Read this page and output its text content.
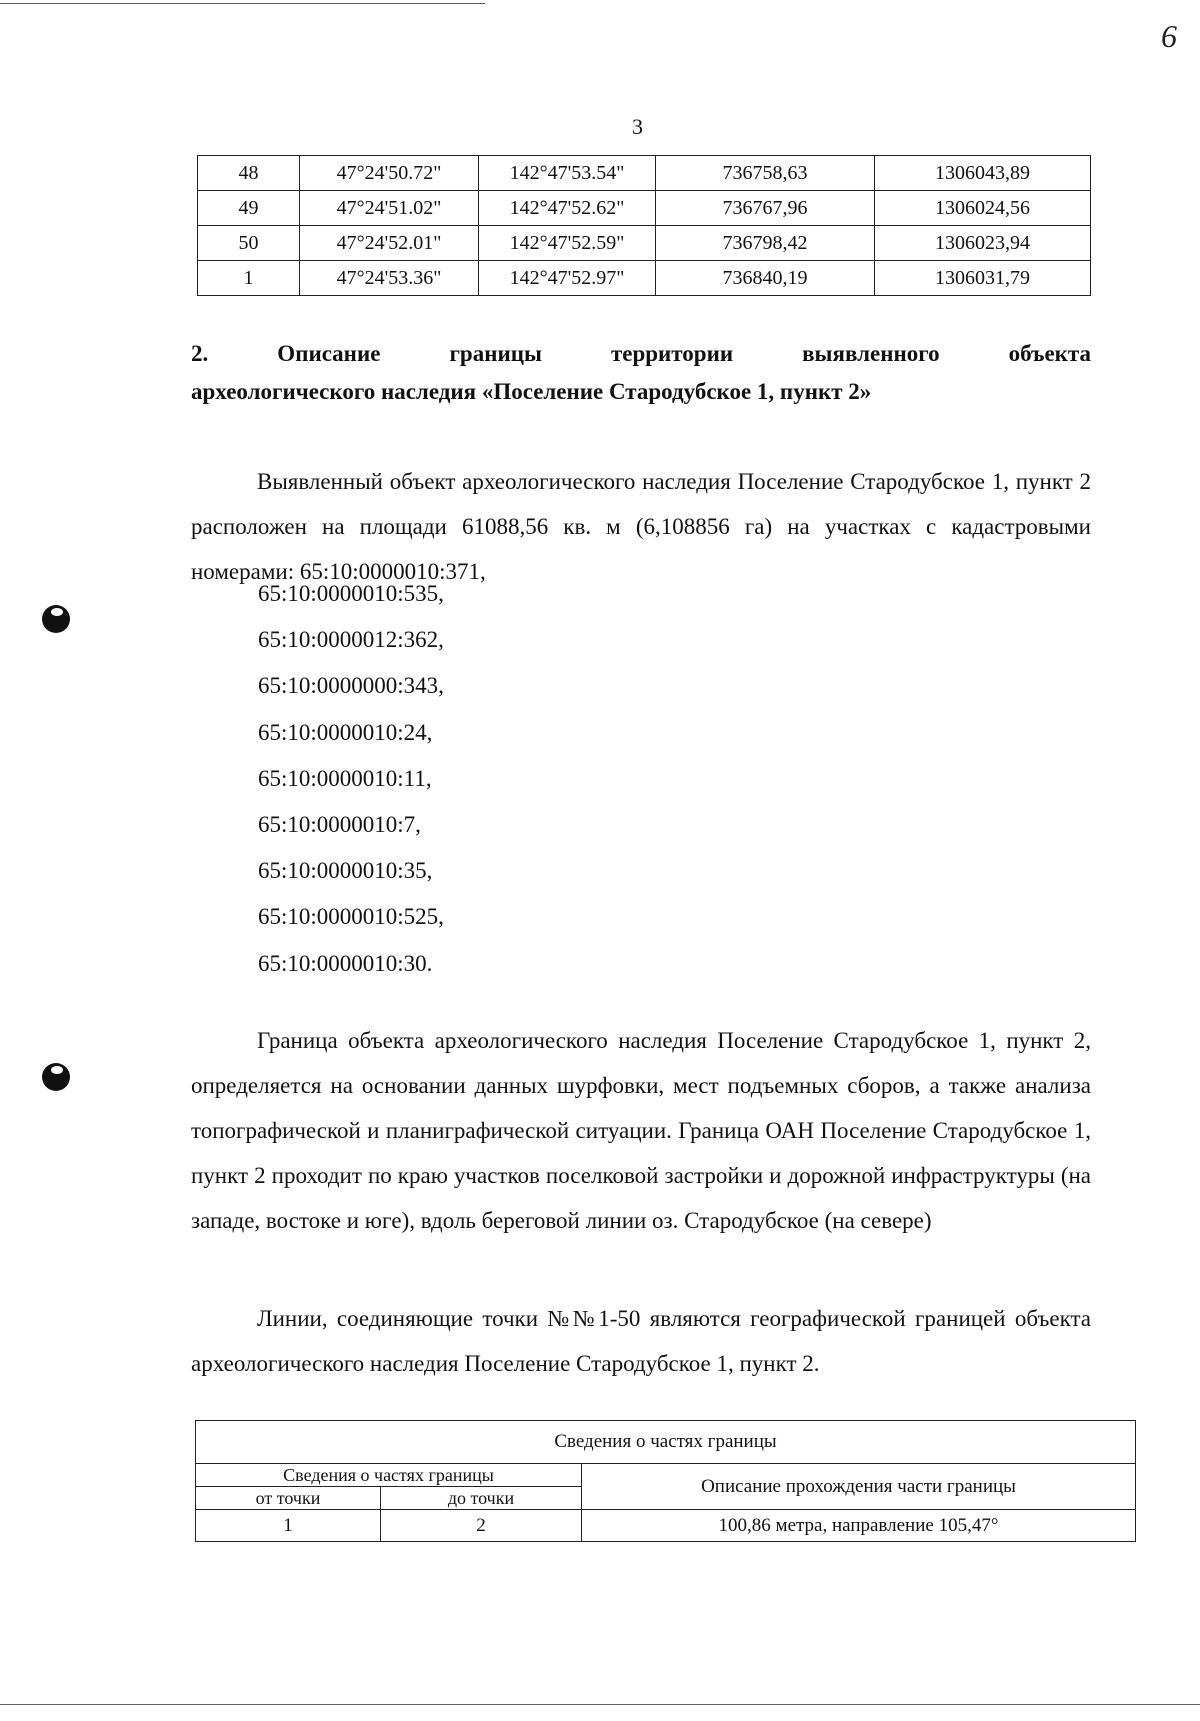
6
3
48	47°24'50.72"	142°47'53.54"	736758,63	1306043,89
49	47°24'51.02"	142°47'52.62"	736767,96	1306024,56
50	47°24'52.01"	142°47'52.59"	736798,42	1306023,94
1	47°24'53.36"	142°47'52.97"	736840,19	1306031,79
2. Описание границы территории выявленного объекта
археологического наследия «Поселение Стародубское 1, пункт 2»

Выявленный объект археологического наследия Поселение Стародубское 1, пункт 2 расположен на площади 61088,56 кв. м (6,108856 га) на участках с кадастровыми номерами: 65:10:0000010:371,

65:10:0000010:535,
65:10:0000012:362,
65:10:0000000:343,
65:10:0000010:24,
65:10:0000010:11,
65:10:0000010:7,
65:10:0000010:35,
65:10:0000010:525,
65:10:0000010:30.

Граница объекта археологического наследия Поселение Стародубское 1, пункт 2, определяется на основании данных шурфовки, мест подъемных сборов, а также анализа топографической и планиграфической ситуации. Граница ОАН Поселение Стародубское 1, пункт 2 проходит по краю участков поселковой застройки и дорожной инфраструктуры (на западе, востоке и югe), вдоль береговой линии оз. Стародубское (на севере)

Линии, соединяющие точки №№1-50 являются географической границей объекта археологического наследия Поселение Стародубское 1, пункт 2.

Сведения о частях границы		
Сведения о частях границы		Описание прохождения части границы
от точки	до точки	
1	2	100,86 метра, направление 105,47°
